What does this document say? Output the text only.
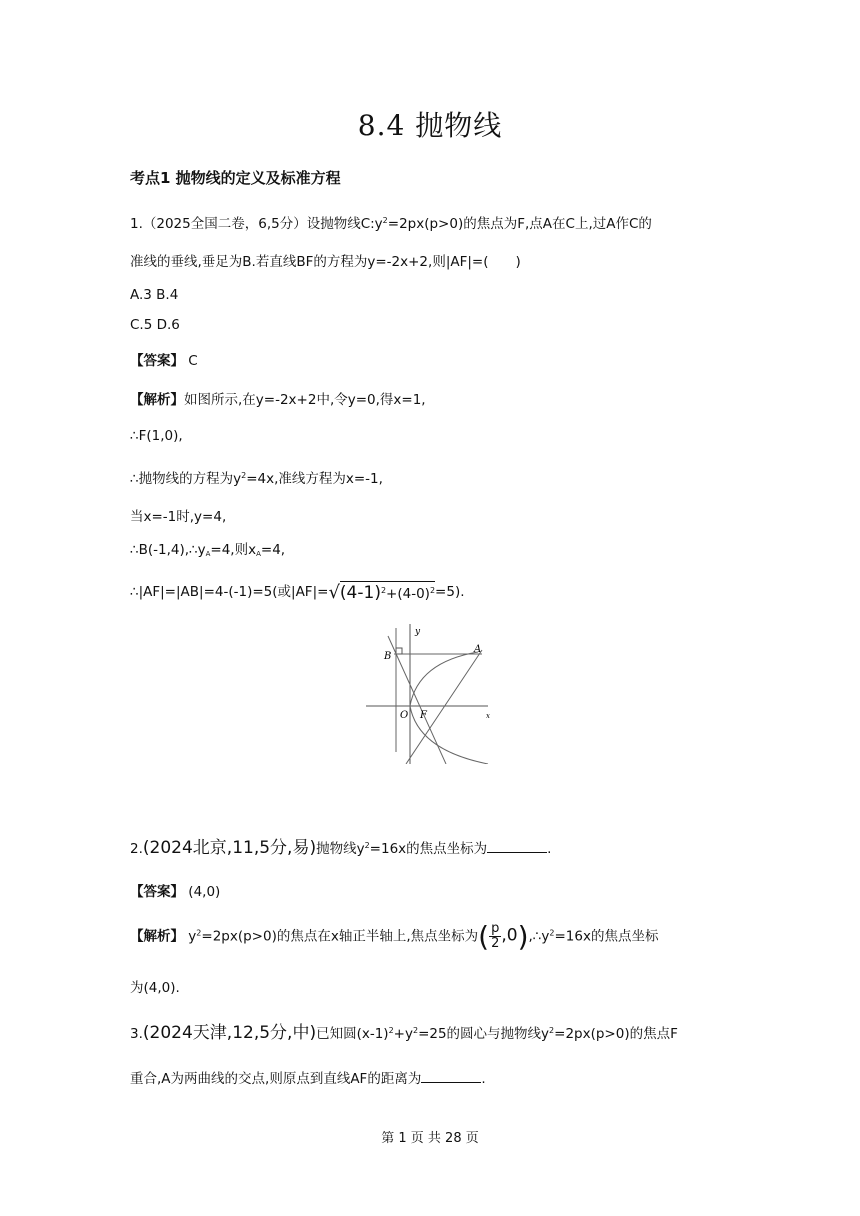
8.4 抛物线
考点1 抛物线的定义及标准方程
1.（2025全国二卷，6,5分）设抛物线$C:y^2=2px(p>0)$的焦点为F,点A在C上,过A作C的
准线的垂线,垂足为B.若直线BF的方程为y=-2x+2,则|AF|=(　　)
A.3 B.4
C.5 D.6
【答案】 C
【解析】如图所示,在y=-2x+2中,令y=0,得x=1,
∴F(1,0),
∴抛物线的方程为$y^2=4x$,准线方程为x=-1,
当x=-1时,y=4,
$\therefore B(-1,4),\therefore y_A=4$,则$x_A=4$,
∴|AF|=|AB|=4-(-1)=5(或$|AF|=√(4-1)^2+(4-0)^2=5$).
y
x
A
B
O F
2.(2024北京,11,5分,易)抛物线$y^2=16x$的焦点坐标为	.
【答案】 (4,0)
【解析】 $y^2=2px(p>0)$的焦点在x轴正半轴上,焦点坐标为( $\frac{p}{2}$ $,0),\therefore y^2=16x$的焦点坐标
为(4,0).
3.(2024天津,12,5分,中)已知圆$(x-1)^2+y^2=25$的圆心与抛物线$y^2=2px(p>0)$的焦点F
重合,A为两曲线的交点,则原点到直线AF的距离为	.
第 1 页 共 28 页
